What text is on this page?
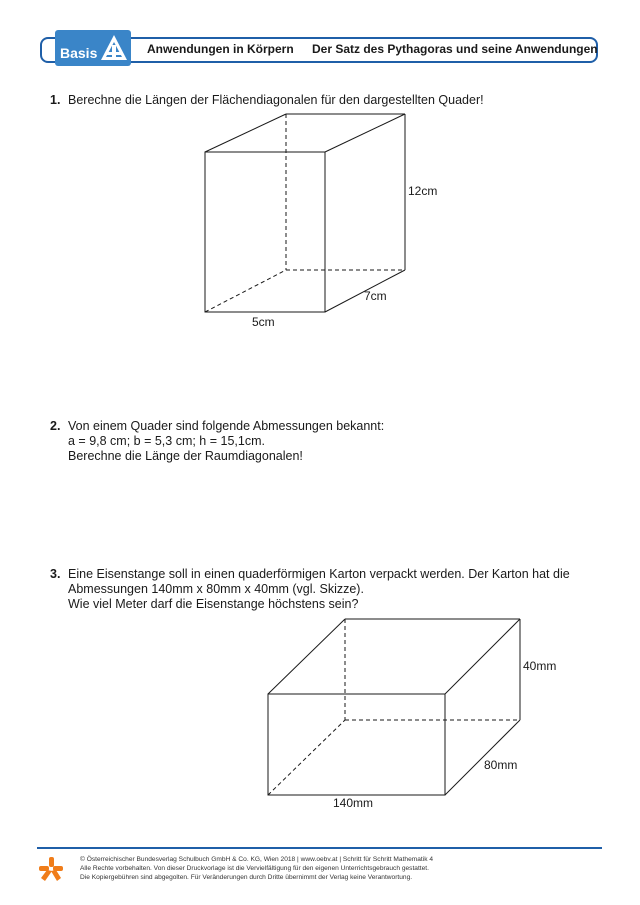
Basis	Anwendungen in Körpern Der Satz des Pythagoras und seine Anwendungen
1. Berechne die Längen der Flächendiagonalen für den dargestellten Quader!
12cm
7cm
5cm
2. Von einem Quader sind folgende Abmessungen bekannt:
a = 9,8 cm; b = 5,3 cm; h = 15,1cm.
Berechne die Länge der Raumdiagonalen!
3. Eine Eisenstange soll in einen quaderförmigen Karton verpackt werden. Der Karton hat die
Abmessungen 140mm x 80mm x 40mm (vgl. Skizze).
Wie viel Meter darf die Eisenstange höchstens sein?
40mm
80mm
140mm
© Österreichischer Bundesverlag Schulbuch GmbH & Co. KG, Wien 2018 | www.oebv.at | Schritt für Schritt Mathematik 4
Alle Rechte vorbehalten. Von dieser Druckvorlage ist die Vervielfältigung für den eigenen Unterrichtsgebrauch gestattet.
Die Kopiergebühren sind abgegolten. Für Veränderungen durch Dritte übernimmt der Verlag keine Verantwortung.
